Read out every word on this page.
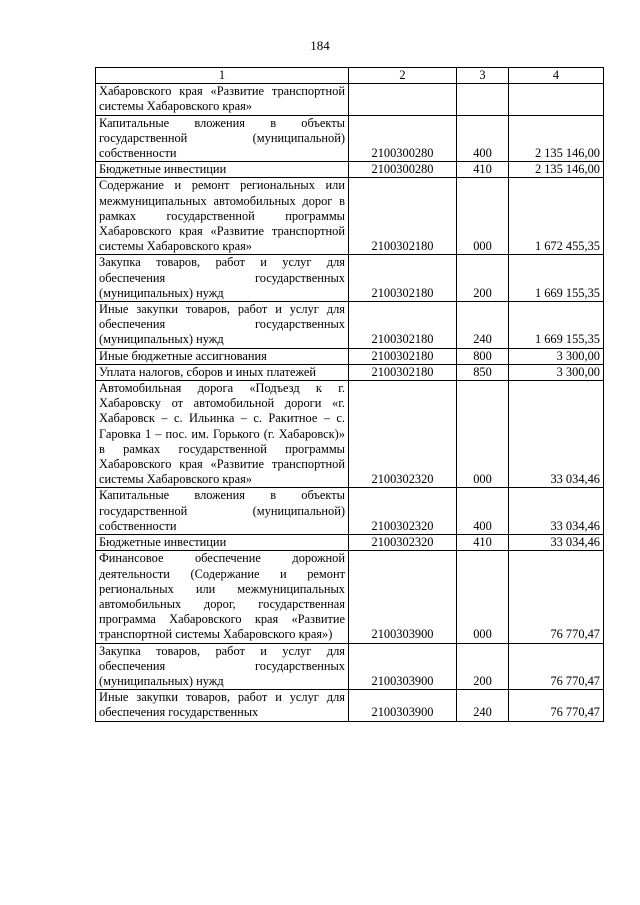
184
1	2	3	4
Хабаровского края «Развитие транспортной системы Хабаровского края»			
Капитальные вложения в объекты государственной (муниципальной) собственности	2100300280	400	2 135 146,00
Бюджетные инвестиции	2100300280	410	2 135 146,00
Содержание и ремонт региональных или межмуниципальных автомобильных дорог в рамках государственной программы Хабаровского края «Развитие транспортной системы Хабаровского края»	2100302180	000	1 672 455,35
Закупка товаров, работ и услуг для обеспечения государственных (муниципальных) нужд	2100302180	200	1 669 155,35
Иные закупки товаров, работ и услуг для обеспечения государственных (муниципальных) нужд	2100302180	240	1 669 155,35
Иные бюджетные ассигнования	2100302180	800	3 300,00
Уплата налогов, сборов и иных платежей	2100302180	850	3 300,00
Автомобильная дорога «Подъезд к г. Хабаровску от автомобильной дороги «г. Хабаровск – с. Ильинка – с. Ракитное – с. Гаровка 1 – пос. им. Горького (г. Хабаровск)» в рамках государственной программы Хабаровского края «Развитие транспортной системы Хабаровского края»	2100302320	000	33 034,46
Капитальные вложения в объекты государственной (муниципальной) собственности	2100302320	400	33 034,46
Бюджетные инвестиции	2100302320	410	33 034,46
Финансовое обеспечение дорожной деятельности (Содержание и ремонт региональных или межмуниципальных автомобильных дорог, государственная программа Хабаровского края «Развитие транспортной системы Хабаровского края»)	2100303900	000	76 770,47
Закупка товаров, работ и услуг для обеспечения государственных (муниципальных) нужд	2100303900	200	76 770,47
Иные закупки товаров, работ и услуг для обеспечения государственных	2100303900	240	76 770,47
